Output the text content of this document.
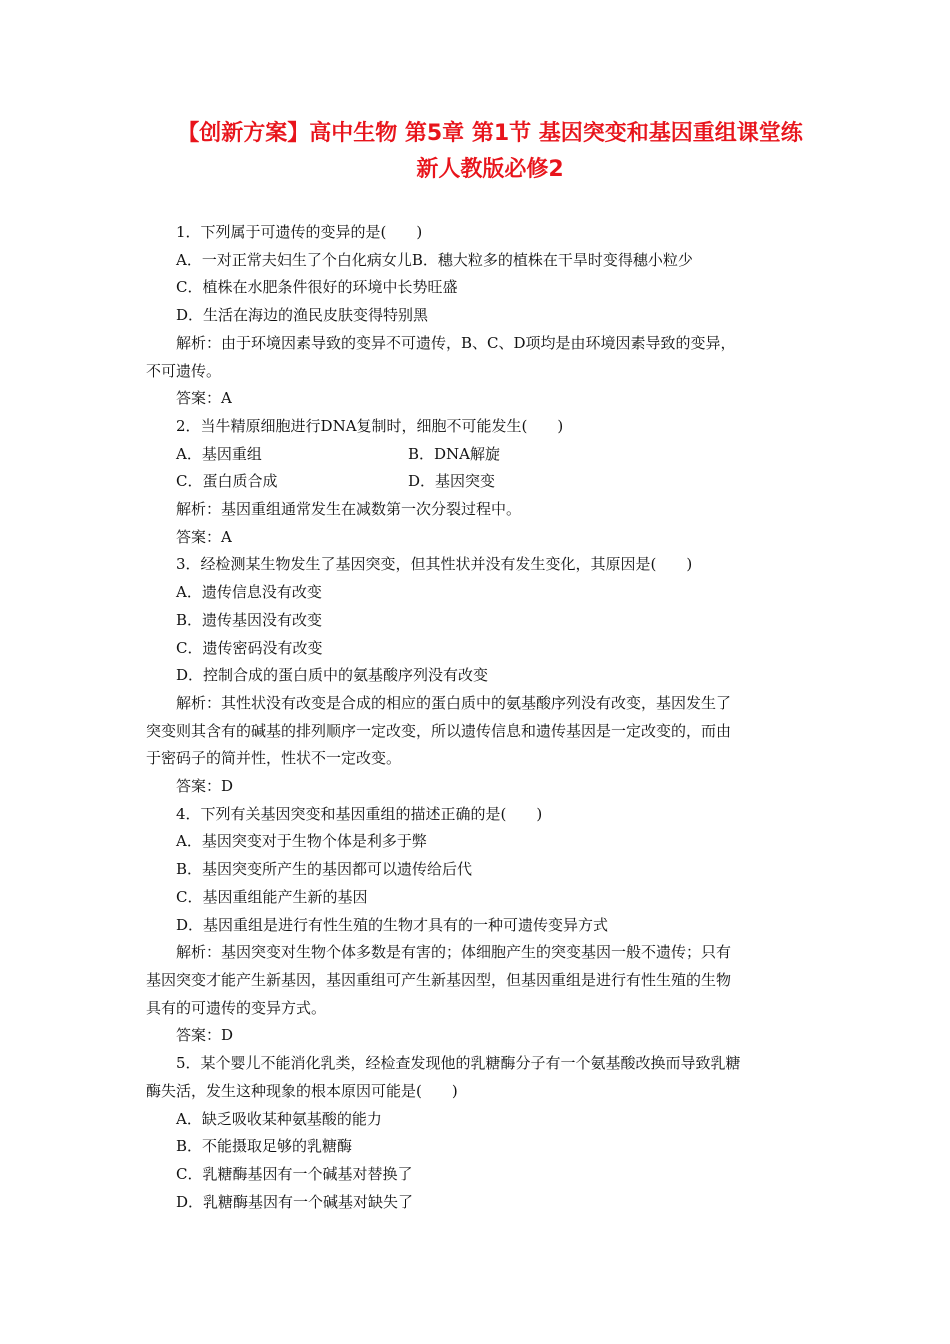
【创新方案】高中生物 第5章 第1节 基因突变和基因重组课堂练 新人教版必修2

1．下列属于可遗传的变异的是(　　)

A．一对正常夫妇生了个白化病女儿B．穗大粒多的植株在干旱时变得穗小粒少

C．植株在水肥条件很好的环境中长势旺盛

D．生活在海边的渔民皮肤变得特别黑

解析：由于环境因素导致的变异不可遗传，B、C、D项均是由环境因素导致的变异，
不可遗传。

答案：A

2．当牛精原细胞进行DNA复制时，细胞不可能发生(　　)

A．基因重组	B．DNA解旋
C．蛋白质合成	D．基因突变

解析：基因重组通常发生在减数第一次分裂过程中。

答案：A

3．经检测某生物发生了基因突变，但其性状并没有发生变化，其原因是(　　)

A．遗传信息没有改变

B．遗传基因没有改变

C．遗传密码没有改变

D．控制合成的蛋白质中的氨基酸序列没有改变

解析：其性状没有改变是合成的相应的蛋白质中的氨基酸序列没有改变，基因发生了
突变则其含有的碱基的排列顺序一定改变，所以遗传信息和遗传基因是一定改变的，而由
于密码子的简并性，性状不一定改变。

答案：D

4．下列有关基因突变和基因重组的描述正确的是(　　)

A．基因突变对于生物个体是利多于弊

B．基因突变所产生的基因都可以遗传给后代

C．基因重组能产生新的基因

D．基因重组是进行有性生殖的生物才具有的一种可遗传变异方式

解析：基因突变对生物个体多数是有害的；体细胞产生的突变基因一般不遗传；只有
基因突变才能产生新基因，基因重组可产生新基因型，但基因重组是进行有性生殖的生物
具有的可遗传的变异方式。

答案：D

5．某个婴儿不能消化乳类，经检查发现他的乳糖酶分子有一个氨基酸改换而导致乳糖
酶失活，发生这种现象的根本原因可能是(　　)

A．缺乏吸收某种氨基酸的能力

B．不能摄取足够的乳糖酶

C．乳糖酶基因有一个碱基对替换了

D．乳糖酶基因有一个碱基对缺失了
